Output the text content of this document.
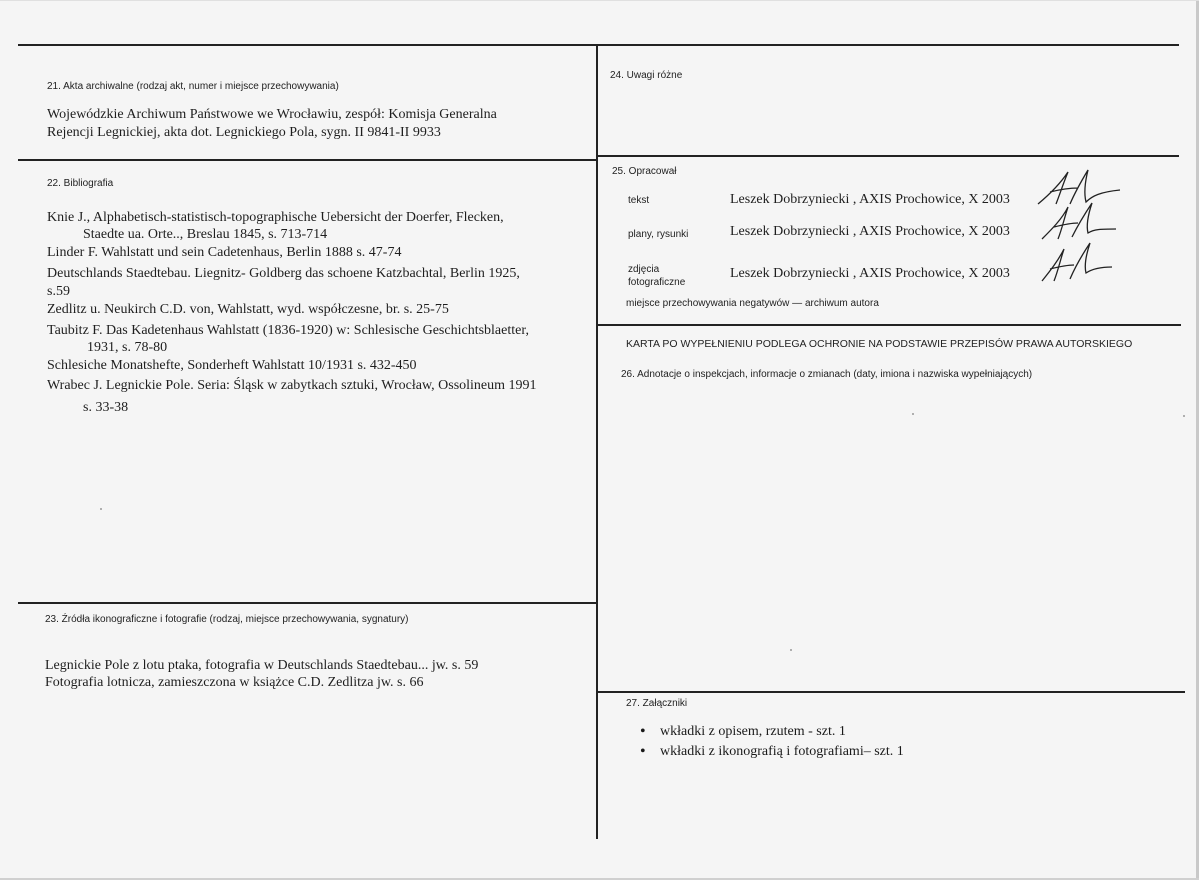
21. Akta archiwalne (rodzaj akt, numer i miejsce przechowywania)
Wojewódzkie Archiwum Państwowe we Wrocławiu, zespół: Komisja Generalna
Rejencji Legnickiej, akta dot. Legnickiego Pola, sygn. II 9841-II 9933
22. Bibliografia
Knie J., Alphabetisch-statistisch-topographische Uebersicht der Doerfer, Flecken,
Staedte ua. Orte.., Breslau 1845, s. 713-714
Linder F. Wahlstatt und sein Cadetenhaus, Berlin 1888 s. 47-74
Deutschlands Staedtebau. Liegnitz- Goldberg das schoene Katzbachtal, Berlin 1925,
s.59
Zedlitz u. Neukirch C.D. von, Wahlstatt, wyd. współczesne, br. s. 25-75
Taubitz F. Das Kadetenhaus Wahlstatt (1836-1920) w: Schlesische Geschichtsblaetter,
1931, s. 78-80
Schlesiche Monatshefte, Sonderheft Wahlstatt 10/1931 s. 432-450
Wrabec J. Legnickie Pole. Seria: Śląsk w zabytkach sztuki, Wrocław, Ossolineum 1991
s. 33-38
23. Źródła ikonograficzne i fotografie (rodzaj, miejsce przechowywania, sygnatury)
Legnickie Pole z lotu ptaka, fotografia w Deutschlands Staedtebau... jw. s. 59
Fotografia lotnicza, zamieszczona w książce C.D. Zedlitza jw. s. 66
24. Uwagi różne
25. Opracował
tekst	Leszek Dobrzyniecki , AXIS Prochowice, X 2003
plany, rysunki	Leszek Dobrzyniecki , AXIS Prochowice, X 2003
zdjęcia
fotograficzne
Leszek Dobrzyniecki , AXIS Prochowice, X 2003
miejsce przechowywania negatywów — archiwum autora
KARTA PO WYPEŁNIENIU PODLEGA OCHRONIE NA PODSTAWIE PRZEPISÓW PRAWA AUTORSKIEGO
26. Adnotacje o inspekcjach, informacje o zmianach (daty, imiona i nazwiska wypełniających)
27. Załączniki
• wkładki z opisem, rzutem - szt. 1
• wkładki z ikonografią i fotografiami– szt. 1
